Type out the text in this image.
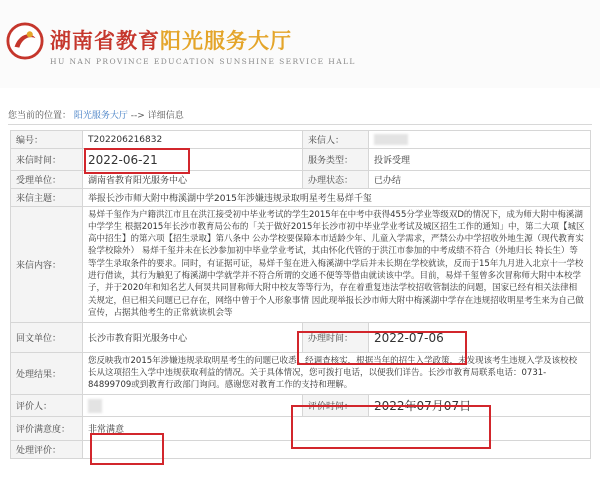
湖南省教育阳光服务大厅
HU NAN PROVINCE EDUCATION SUNSHINE SERVICE HALL
您当前的位置： 阳光服务大厅 --> 详细信息
编号：	T202206216832	来信人：	
来信时间：	2022-06-21	服务类型：	投诉受理
受理单位：	湖南省教育阳光服务中心	办理状态：	已办结
来信主题：	举报长沙市师大附中梅溪湖中学2015年涉嫌违规录取明星考生易烊千玺		
来信内容：	易烊千玺作为户籍洪江市且在洪江接受初中毕业考试的学生2015年在中考中获得455分学业等级双D的情况下，成为师大附中梅溪湖中学学生 根据2015年长沙市教育局公布的「关于做好2015年长沙市初中毕业学业考试及城区招生工作的通知」中，第二大项【城区高中招生】的第六项【招生录取】第八条中 公办学校要保障本市适龄少年、儿童入学需求，严禁公办中学招收外地生源（现代教育实验学校除外） 易烊千玺并未在长沙参加初中毕业学业考试，其由怀化代管的于洪江市参加的中考成绩不符合（外地归长 特长生）等等学生录取条件的要求。同时，有证据可证，易烊千玺在进入梅溪湖中学后并未长期在学校就读，反而于15年九月进入北京十一学校进行借读，其行为触犯了梅溪湖中学就学并不符合所谓的交通不便等等借由就读该中学。目前，易烊千玺曾多次冒称师大附中本校学子，并于2020年和知名艺人何炅共同冒称师大附中校友等等行为，存在着重复违法学校招收管制法的问题，国家已经有相关法律相关规定，但已相关问题已已存在，网络中曾于个人形象事情 因此现举报长沙市师大附中梅溪湖中学存在违规招收明星考生来为自己做宣传，占据其他考生的正常就读机会等		

回文单位：	长沙市教育阳光服务中心	办理时间：	2022-07-06
处理结果：	您反映我市2015年涉嫌违规录取明星考生的问题已收悉。经调查核实，根据当年的招生入学政策，未发现该考生违规入学及该校校长从这项招生入学中违规获取利益的情况。关于具体情况，您可拨打电话，以便我们详告。长沙市教育局联系电话：0731-84899709或到教育行政部门询问。感谢您对教育工作的支持和理解。		

评价人：		评价时间：	2022年07月07日
评价满意度：	非常满意		
处理评价：			
